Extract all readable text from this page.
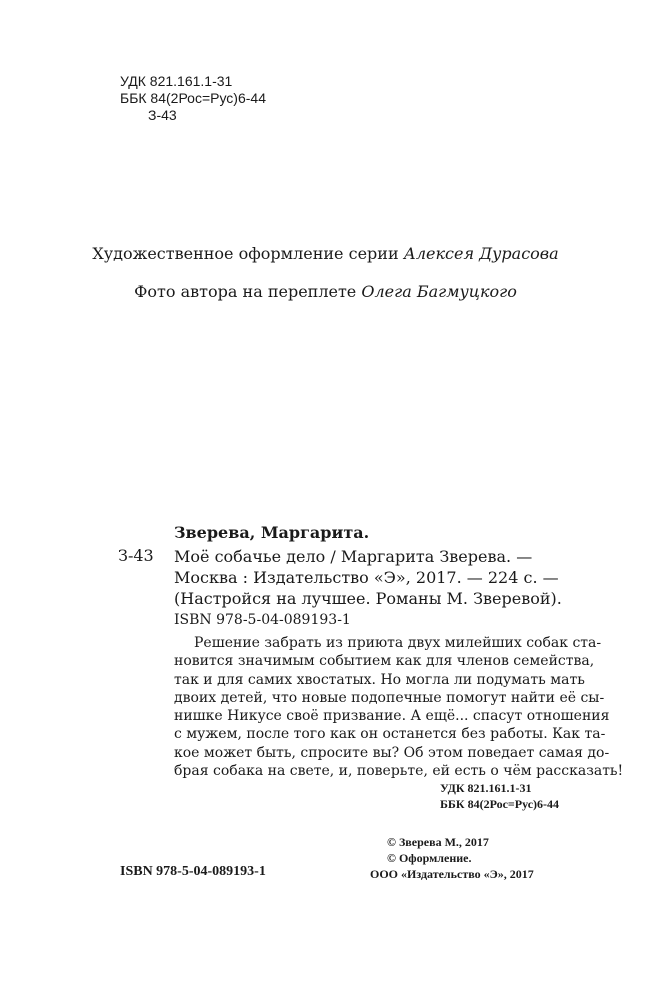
УДК 821.161.1-31
ББК 84(2Рос=Рус)6-44
З-43
Художественное оформление серии Алексея Дурасова
Фото автора на переплете Олега Багмуцкого
Зверева, Маргарита.
З-43 Моё собачье дело / Маргарита Зверева. —
Москва : Издательство «Э», 2017. — 224 с. —
(Настройся на лучшее. Романы М. Зверевой).
ISBN 978-5-04-089193-1
Решение забрать из приюта двух милейших собак ста-
новится значимым событием как для членов семейства,
так и для самих хвостатых. Но могла ли подумать мать
двоих детей, что новые подопечные помогут найти её сы-
нишке Никусе своё призвание. А ещё... спасут отношения
с мужем, после того как он останется без работы. Как та-
кое может быть, спросите вы? Об этом поведает самая до-
брая собака на свете, и, поверьте, ей есть о чём рассказать!
УДК 821.161.1-31
ББК 84(2Рос=Рус)6-44
© Зверева М., 2017
© Оформление.
ООО «Издательство «Э», 2017
ISBN 978-5-04-089193-1
